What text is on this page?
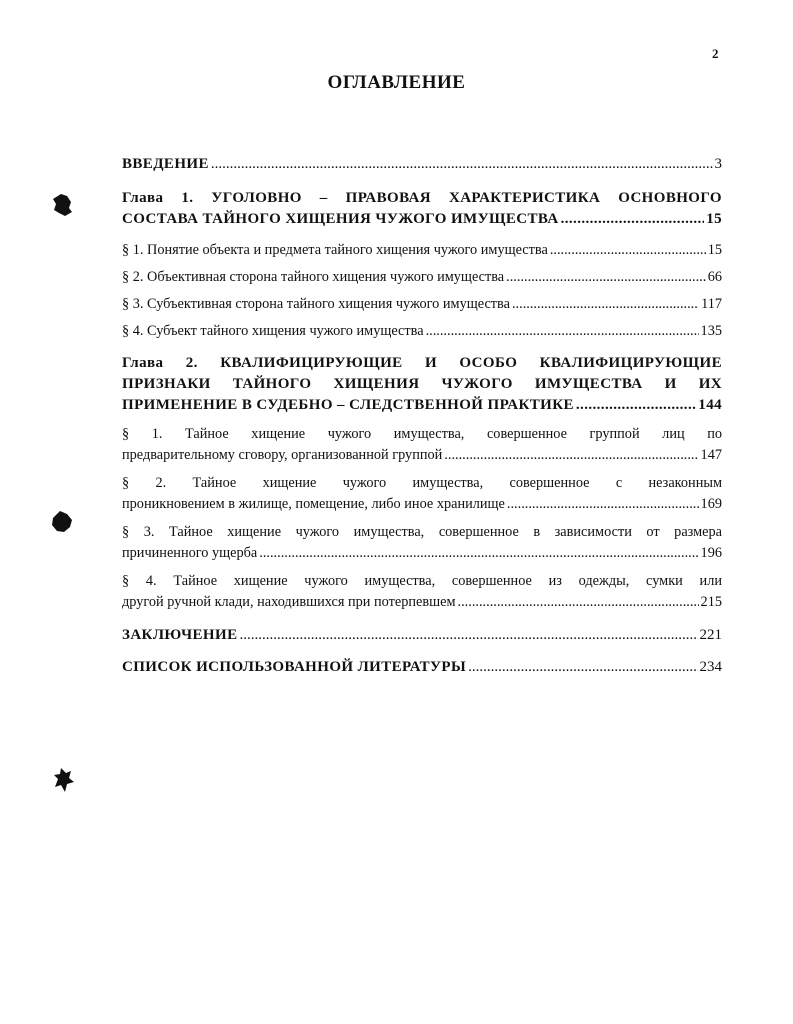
2
ОГЛАВЛЕНИЕ
ВВЕДЕНИЕ .....	3
Глава 1. УГОЛОВНО – ПРАВОВАЯ ХАРАКТЕРИСТИКА ОСНОВНОГО
СОСТАВА ТАЙНОГО ХИЩЕНИЯ ЧУЖОГО ИМУЩЕСТВА .....	15
§ 1. Понятие объекта и предмета тайного хищения чужого имущества .....	15
§ 2. Объективная сторона тайного хищения чужого имущества .....	66
§ 3. Субъективная сторона тайного хищения чужого имущества .....	117
§ 4. Субъект тайного хищения чужого имущества .....	135
Глава 2. КВАЛИФИЦИРУЮЩИЕ И ОСОБО КВАЛИФИЦИРУЮЩИЕ
ПРИЗНАКИ ТАЙНОГО ХИЩЕНИЯ ЧУЖОГО ИМУЩЕСТВА И ИХ
ПРИМЕНЕНИЕ В СУДЕБНО – СЛЕДСТВЕННОЙ ПРАКТИКЕ .....	144
§ 1. Тайное хищение чужого имущества, совершенное группой лиц по
предварительному сговору, организованной группой .....	147
§ 2. Тайное хищение чужого имущества, совершенное с незаконным
проникновением в жилище, помещение, либо иное хранилище .....	169
§ 3. Тайное хищение чужого имущества, совершенное в зависимости от размера
причиненного ущерба .....	196
§ 4. Тайное хищение чужого имущества, совершенное из одежды, сумки или
другой ручной клади, находившихся при потерпевшем .....	215
ЗАКЛЮЧЕНИЕ .....	221
СПИСОК ИСПОЛЬЗОВАННОЙ ЛИТЕРАТУРЫ .....	234
